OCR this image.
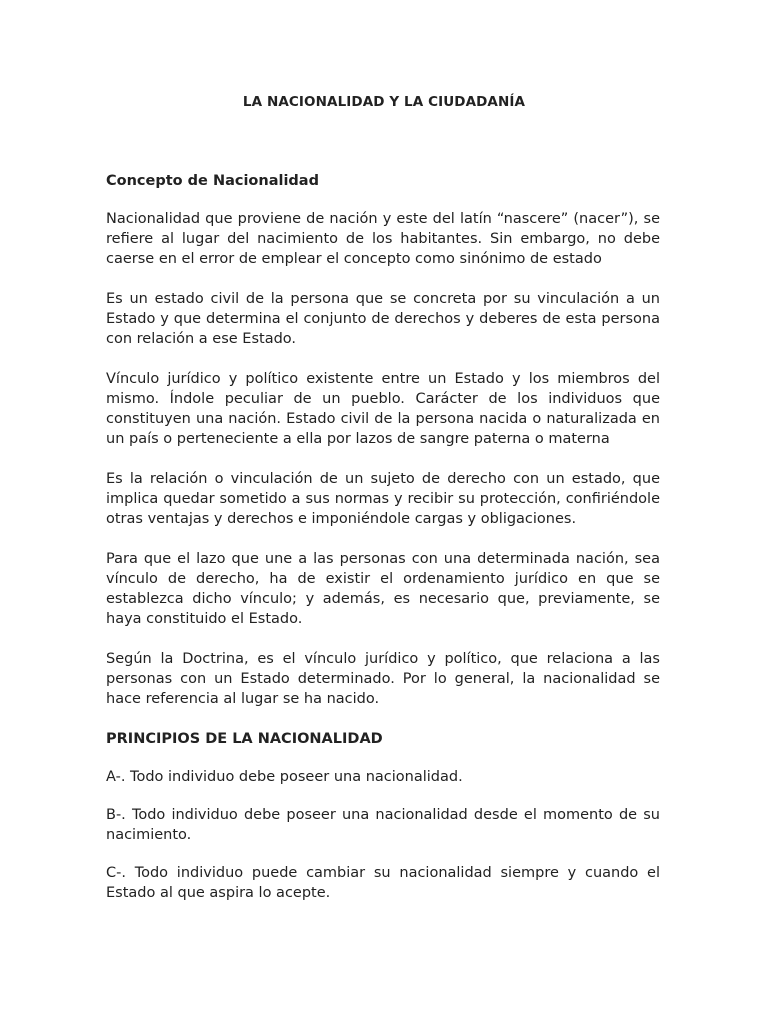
LA NACIONALIDAD Y LA CIUDADANÍA
Concepto de Nacionalidad

Nacionalidad que proviene de nación y este del latín “nascere” (nacer”), se refiere al lugar del nacimiento de los habitantes. Sin embargo, no debe caerse en el error de emplear el concepto como sinónimo de estado

Es un estado civil de la persona que se concreta por su vinculación a un Estado y que determina el conjunto de derechos y deberes de esta persona con relación a ese Estado.

Vínculo jurídico y político existente entre un Estado y los miembros del mismo. Índole peculiar de un pueblo. Carácter de los individuos que constituyen una nación. Estado civil de la persona nacida o naturalizada en un país o perteneciente a ella por lazos de sangre paterna o materna

Es la relación o vinculación de un sujeto de derecho con un estado, que implica quedar sometido a sus normas y recibir su protección, confiriéndole otras ventajas y derechos e imponiéndole cargas y obligaciones.

Para que el lazo que une a las personas con una determinada nación, sea vínculo de derecho, ha de existir el ordenamiento jurídico en que se establezca dicho vínculo; y además, es necesario que, previamente, se haya constituido el Estado.

Según la Doctrina, es el vínculo jurídico y político, que relaciona a las personas con un Estado determinado. Por lo general, la nacionalidad se hace referencia al lugar se ha nacido.

PRINCIPIOS DE LA NACIONALIDAD

A-. Todo individuo debe poseer una nacionalidad.

B-. Todo individuo debe poseer una nacionalidad desde el momento de su nacimiento.

C-. Todo individuo puede cambiar su nacionalidad siempre y cuando el Estado al que aspira lo acepte.
